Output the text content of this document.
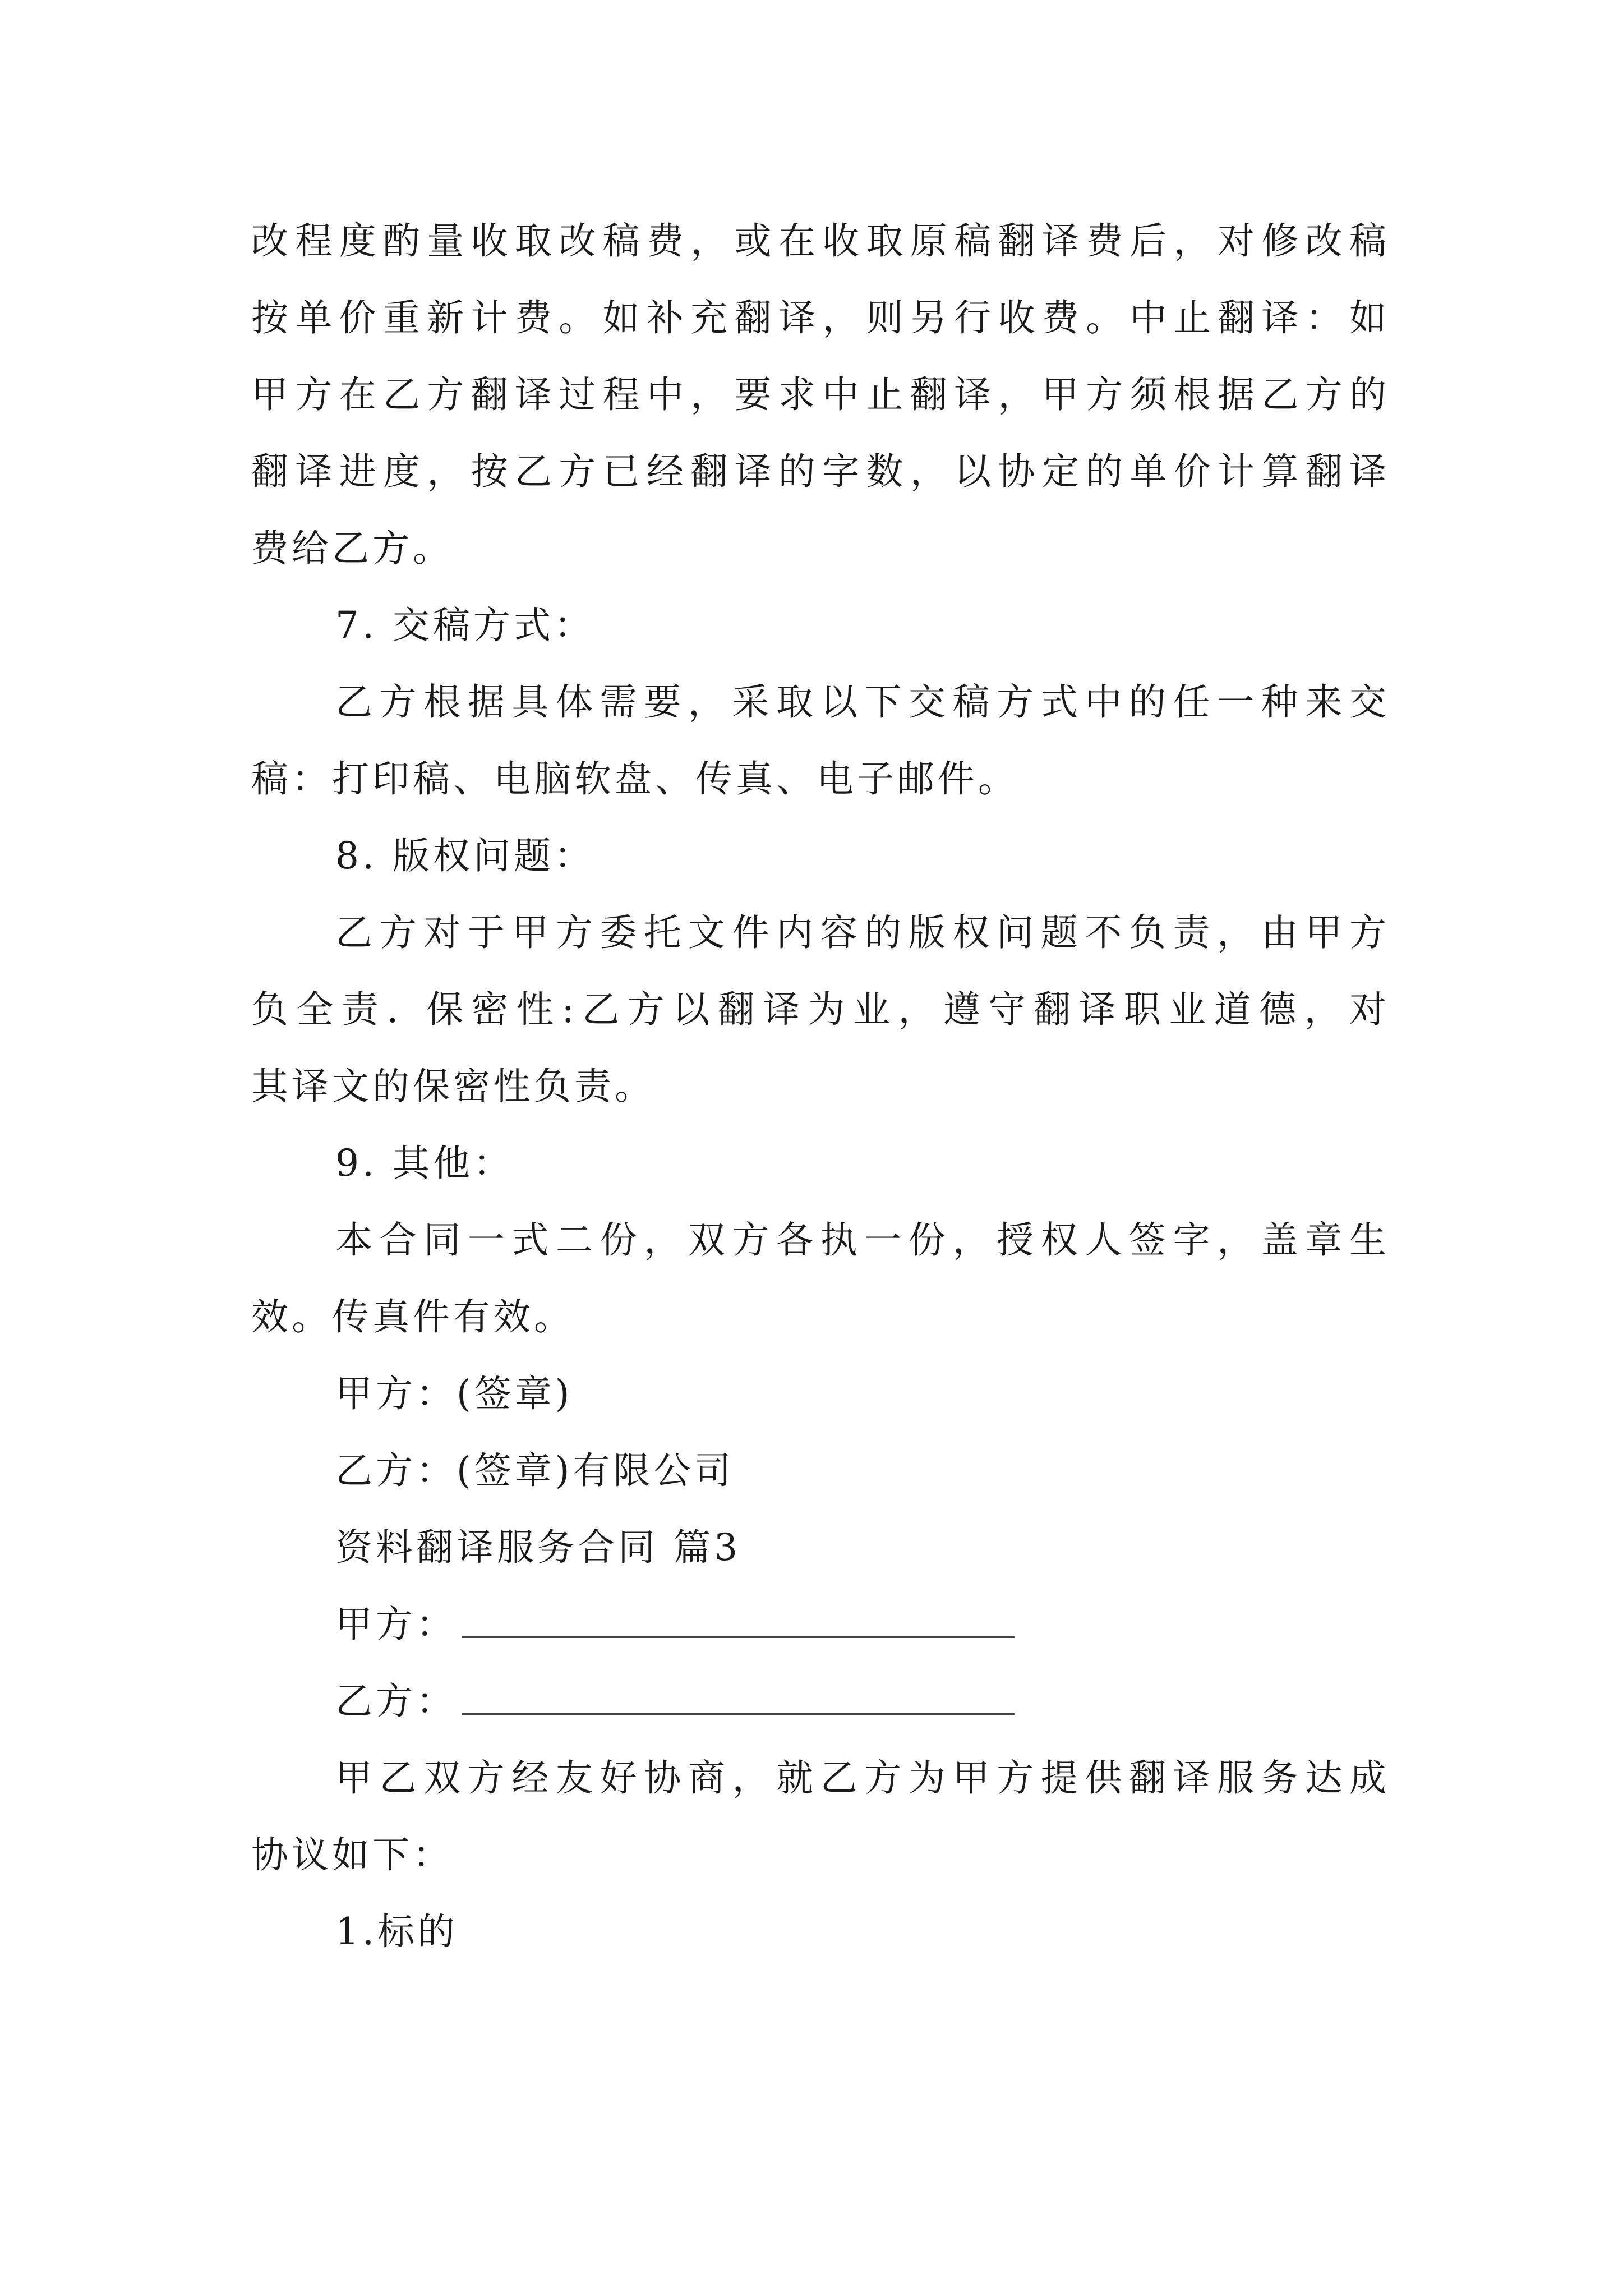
改程度酌量收取改稿费，或在收取原稿翻译费后，对修改稿
按单价重新计费。如补充翻译，则另行收费。中止翻译：如
甲方在乙方翻译过程中，要求中止翻译，甲方须根据乙方的
翻译进度，按乙方已经翻译的字数，以协定的单价计算翻译
费给乙方。
7. 交稿方式：
乙方根据具体需要，采取以下交稿方式中的任一种来交
稿：打印稿、电脑软盘、传真、电子邮件。
8. 版权问题：
乙方对于甲方委托文件内容的版权问题不负责，由甲方
负全责. 保密性:乙方以翻译为业，遵守翻译职业道德，对
其译文的保密性负责。
9. 其他：
本合同一式二份，双方各执一份，授权人签字，盖章生
效。传真件有效。
甲方：(签章)
乙方：(签章)有限公司
资料翻译服务合同 篇3
甲方：
乙方：
甲乙双方经友好协商，就乙方为甲方提供翻译服务达成
协议如下：
1.标的
